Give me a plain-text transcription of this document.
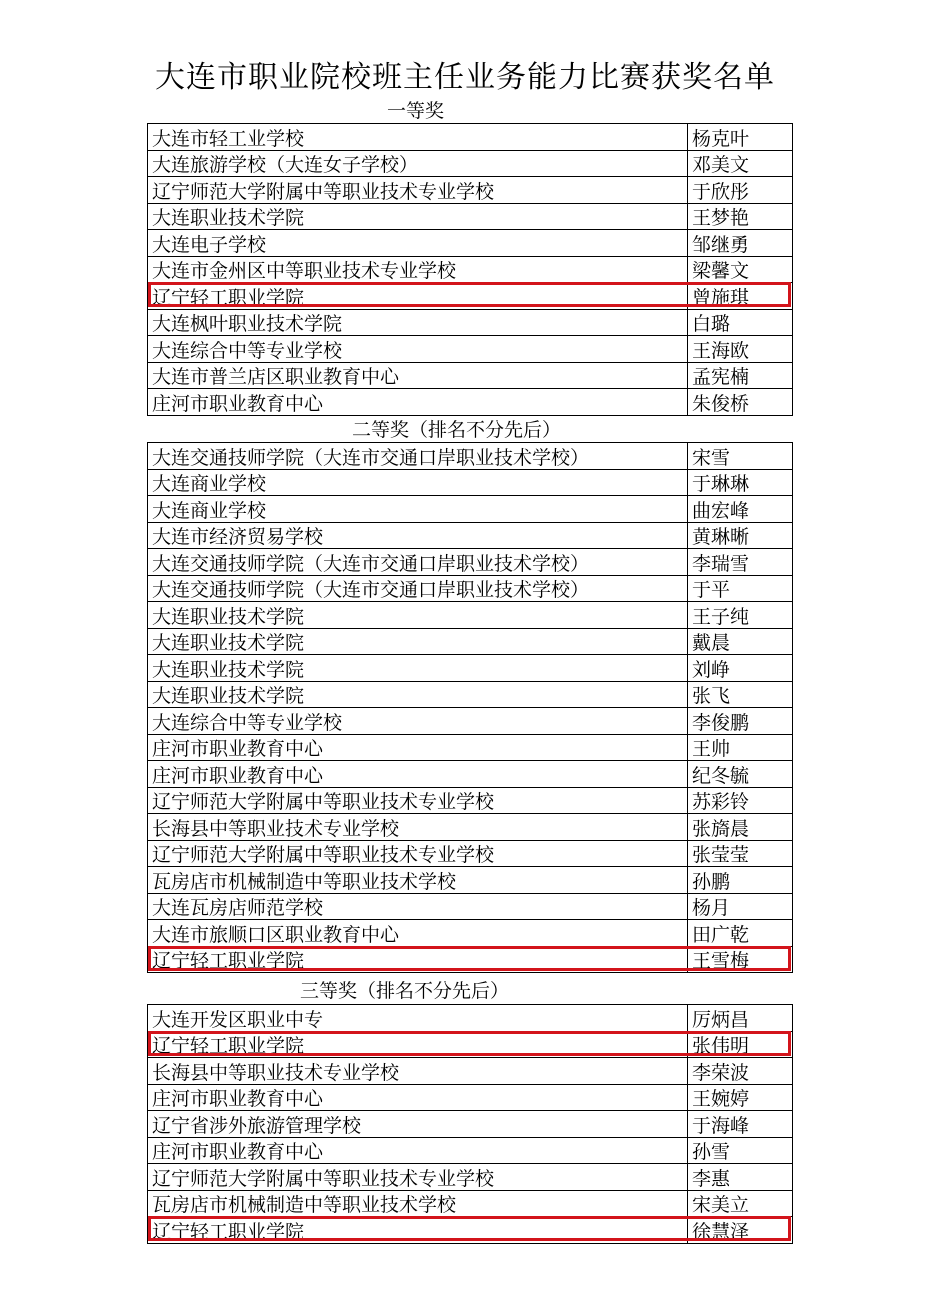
大连市职业院校班主任业务能力比赛获奖名单
一等奖
大连市轻工业学校	杨克叶
大连旅游学校（大连女子学校）	邓美文
辽宁师范大学附属中等职业技术专业学校	于欣彤
大连职业技术学院	王梦艳
大连电子学校	邹继勇
大连市金州区中等职业技术专业学校	梁馨文
辽宁轻工职业学院	曾施琪
大连枫叶职业技术学院	白璐
大连综合中等专业学校	王海欧
大连市普兰店区职业教育中心	孟宪楠
庄河市职业教育中心	朱俊桥
二等奖（排名不分先后）
大连交通技师学院（大连市交通口岸职业技术学校）	宋雪
大连商业学校	于琳琳
大连商业学校	曲宏峰
大连市经济贸易学校	黄琳晰
大连交通技师学院（大连市交通口岸职业技术学校）	李瑞雪
大连交通技师学院（大连市交通口岸职业技术学校）	于平
大连职业技术学院	王子纯
大连职业技术学院	戴晨
大连职业技术学院	刘峥
大连职业技术学院	张飞
大连综合中等专业学校	李俊鹏
庄河市职业教育中心	王帅
庄河市职业教育中心	纪冬毓
辽宁师范大学附属中等职业技术专业学校	苏彩铃
长海县中等职业技术专业学校	张旖晨
辽宁师范大学附属中等职业技术专业学校	张莹莹
瓦房店市机械制造中等职业技术学校	孙鹏
大连瓦房店师范学校	杨月
大连市旅顺口区职业教育中心	田广乾
辽宁轻工职业学院	王雪梅
三等奖（排名不分先后）
大连开发区职业中专	厉炳昌
辽宁轻工职业学院	张伟明
长海县中等职业技术专业学校	李荣波
庄河市职业教育中心	王婉婷
辽宁省涉外旅游管理学校	于海峰
庄河市职业教育中心	孙雪
辽宁师范大学附属中等职业技术专业学校	李惠
瓦房店市机械制造中等职业技术学校	宋美立
辽宁轻工职业学院	徐慧泽
